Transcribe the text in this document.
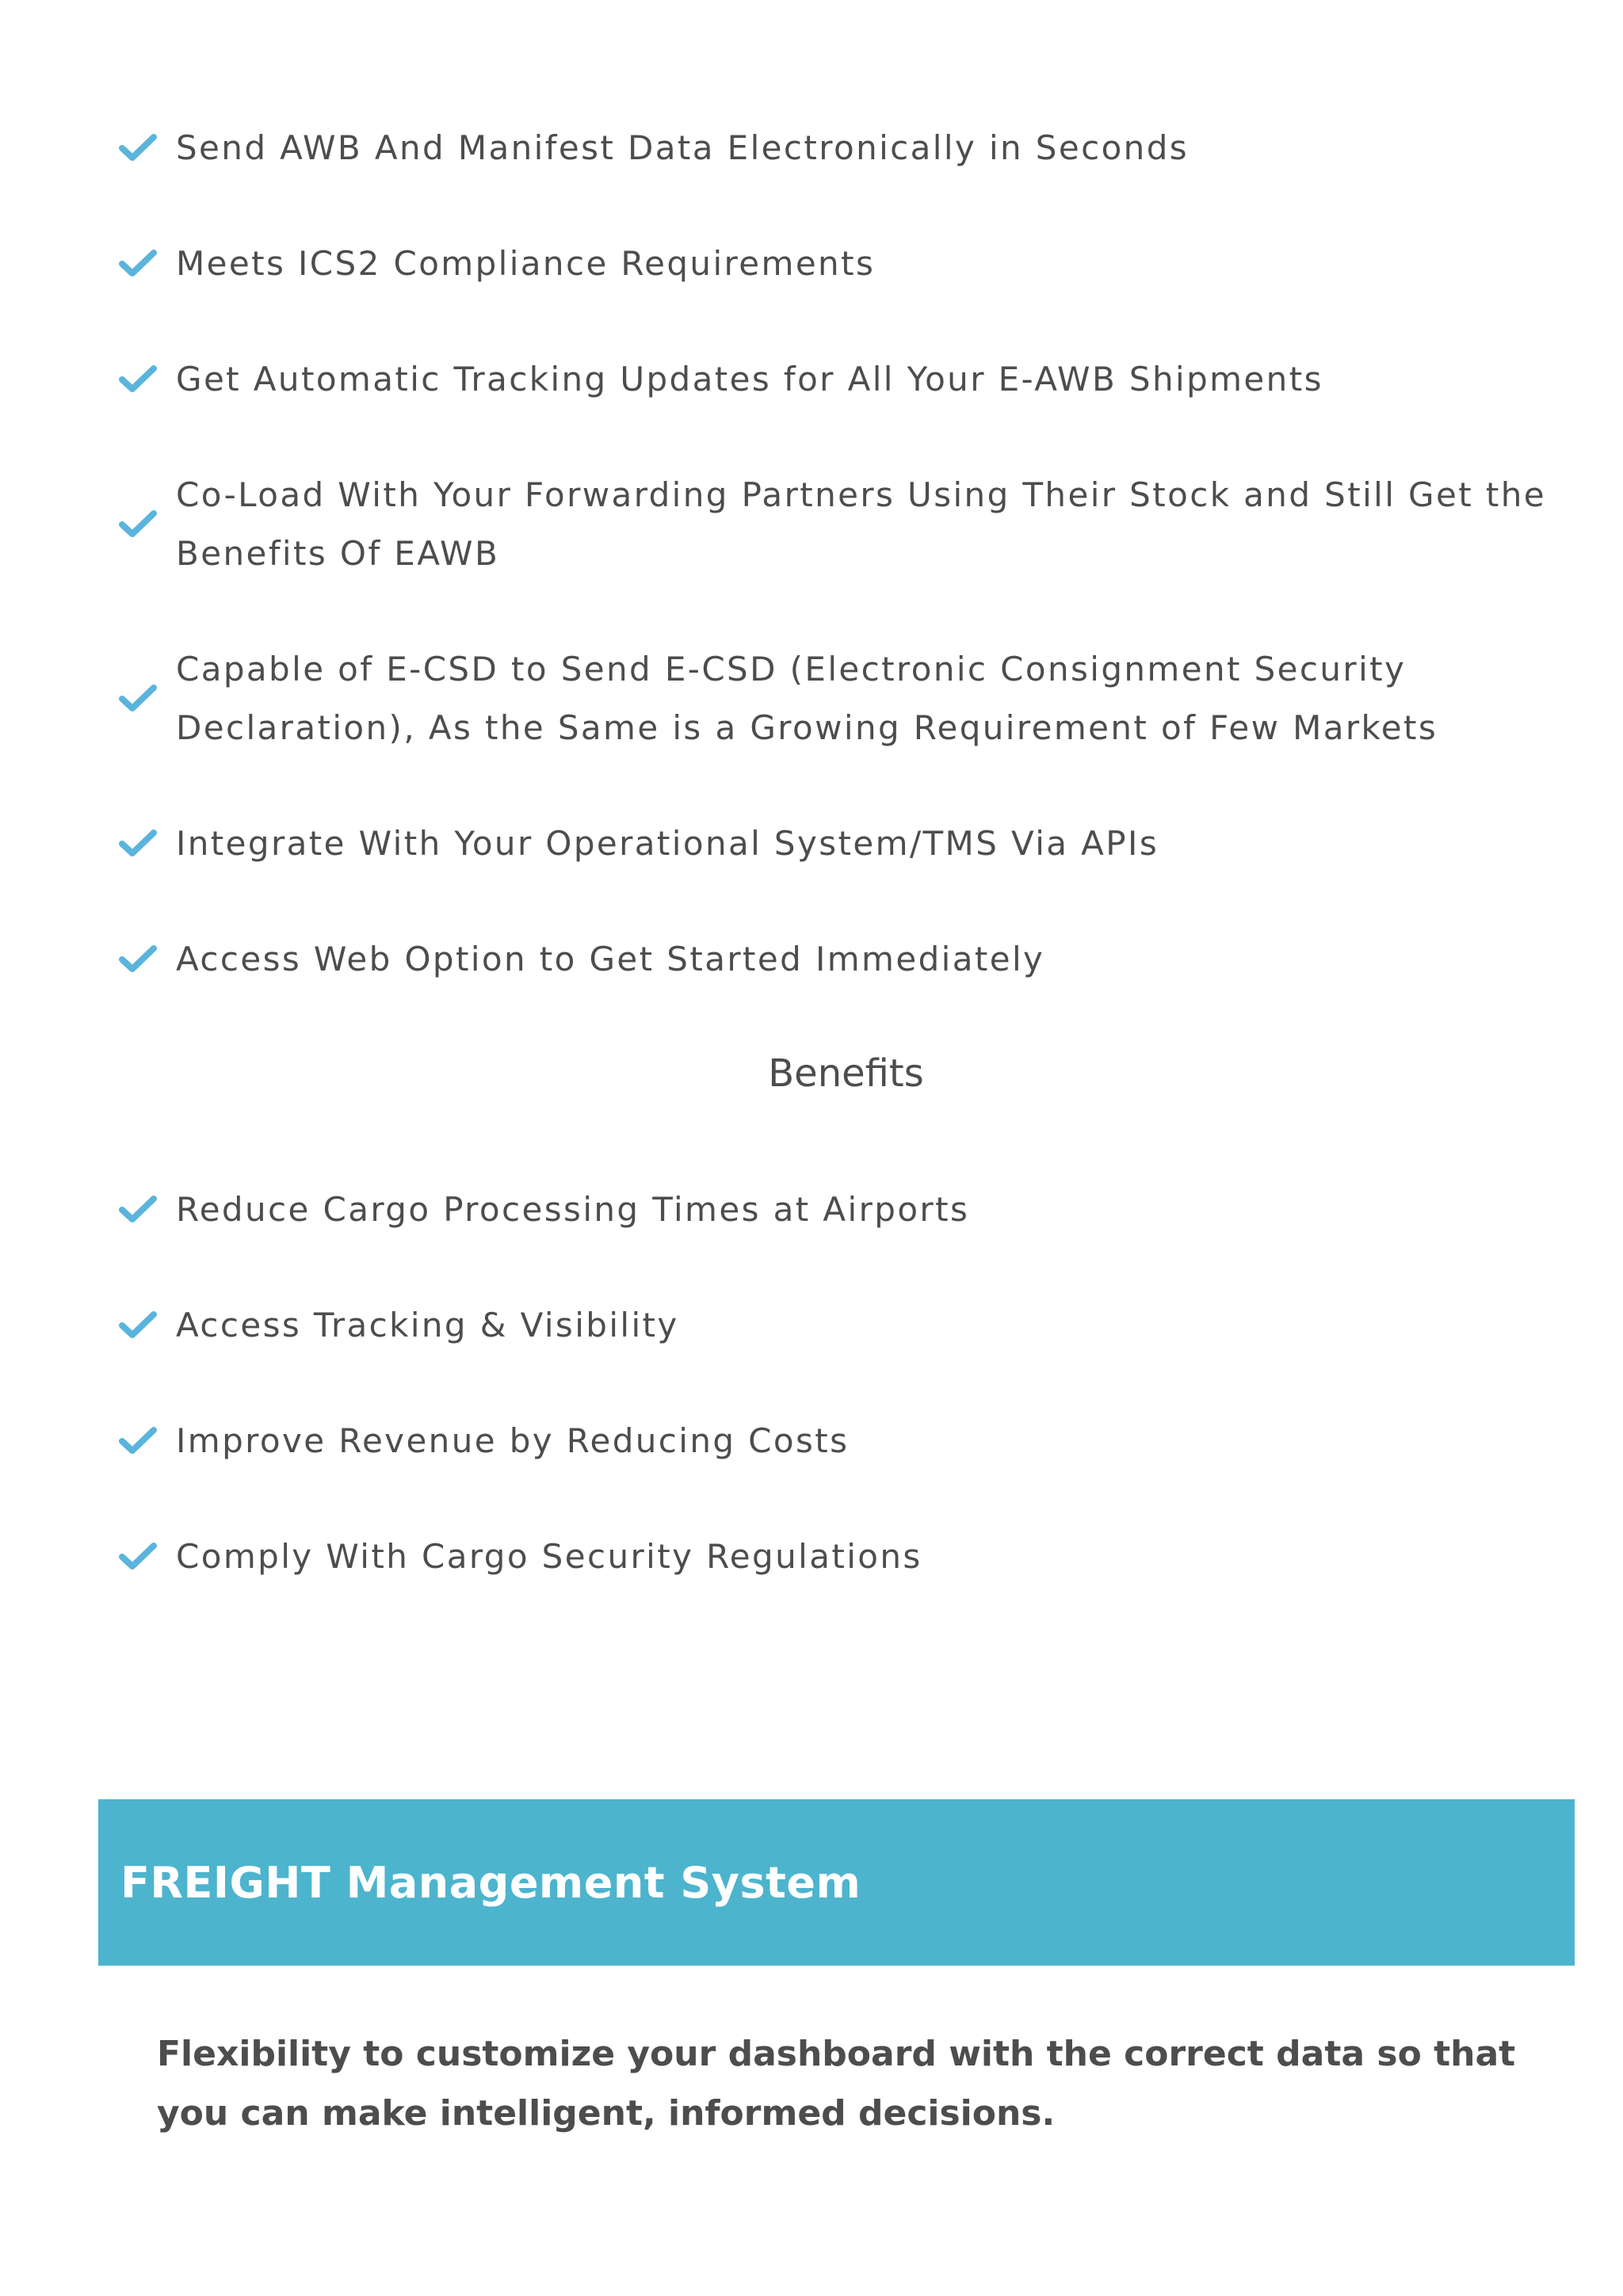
Send AWB And Manifest Data Electronically in Seconds
Meets ICS2 Compliance Requirements
Get Automatic Tracking Updates for All Your E-AWB Shipments
Co-Load With Your Forwarding Partners Using Their Stock and Still Get the Benefits Of EAWB
Capable of E-CSD to Send E-CSD (Electronic Consignment Security Declaration), As the Same is a Growing Requirement of Few Markets
Integrate With Your Operational System/TMS Via APIs
Access Web Option to Get Started Immediately
Benefits
Reduce Cargo Processing Times at Airports
Access Tracking & Visibility
Improve Revenue by Reducing Costs
Comply With Cargo Security Regulations
FREIGHT Management System

Flexibility to customize your dashboard with the correct data so that you can make intelligent, informed decisions.
